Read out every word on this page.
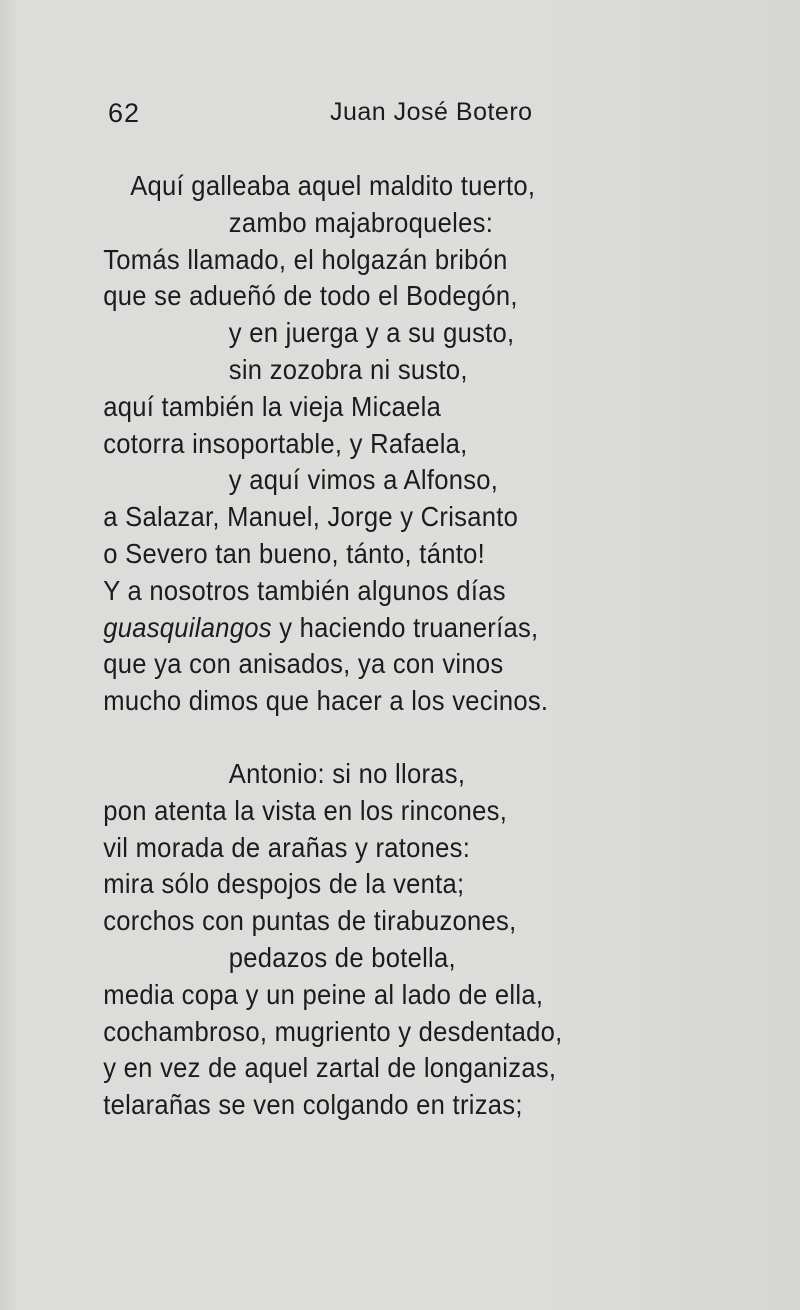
62	Juan José Botero
Aquí galleaba aquel maldito tuerto,
zambo majabroqueles:
Tomás llamado, el holgazán bribón
que se adueñó de todo el Bodegón,
y en juerga y a su gusto,
sin zozobra ni susto,
aquí también la vieja Micaela
cotorra insoportable, y Rafaela,
y aquí vimos a Alfonso,
a Salazar, Manuel, Jorge y Crisanto
o Severo tan bueno, tánto, tánto!
Y a nosotros también algunos días
guasquilangos y haciendo truanerías,
que ya con anisados, ya con vinos
mucho dimos que hacer a los vecinos.
Antonio: si no lloras,
pon atenta la vista en los rincones,
vil morada de arañas y ratones:
mira sólo despojos de la venta;
corchos con puntas de tirabuzones,
pedazos de botella,
media copa y un peine al lado de ella,
cochambroso, mugriento y desdentado,
y en vez de aquel zartal de longanizas,
telarañas se ven colgando en trizas;
